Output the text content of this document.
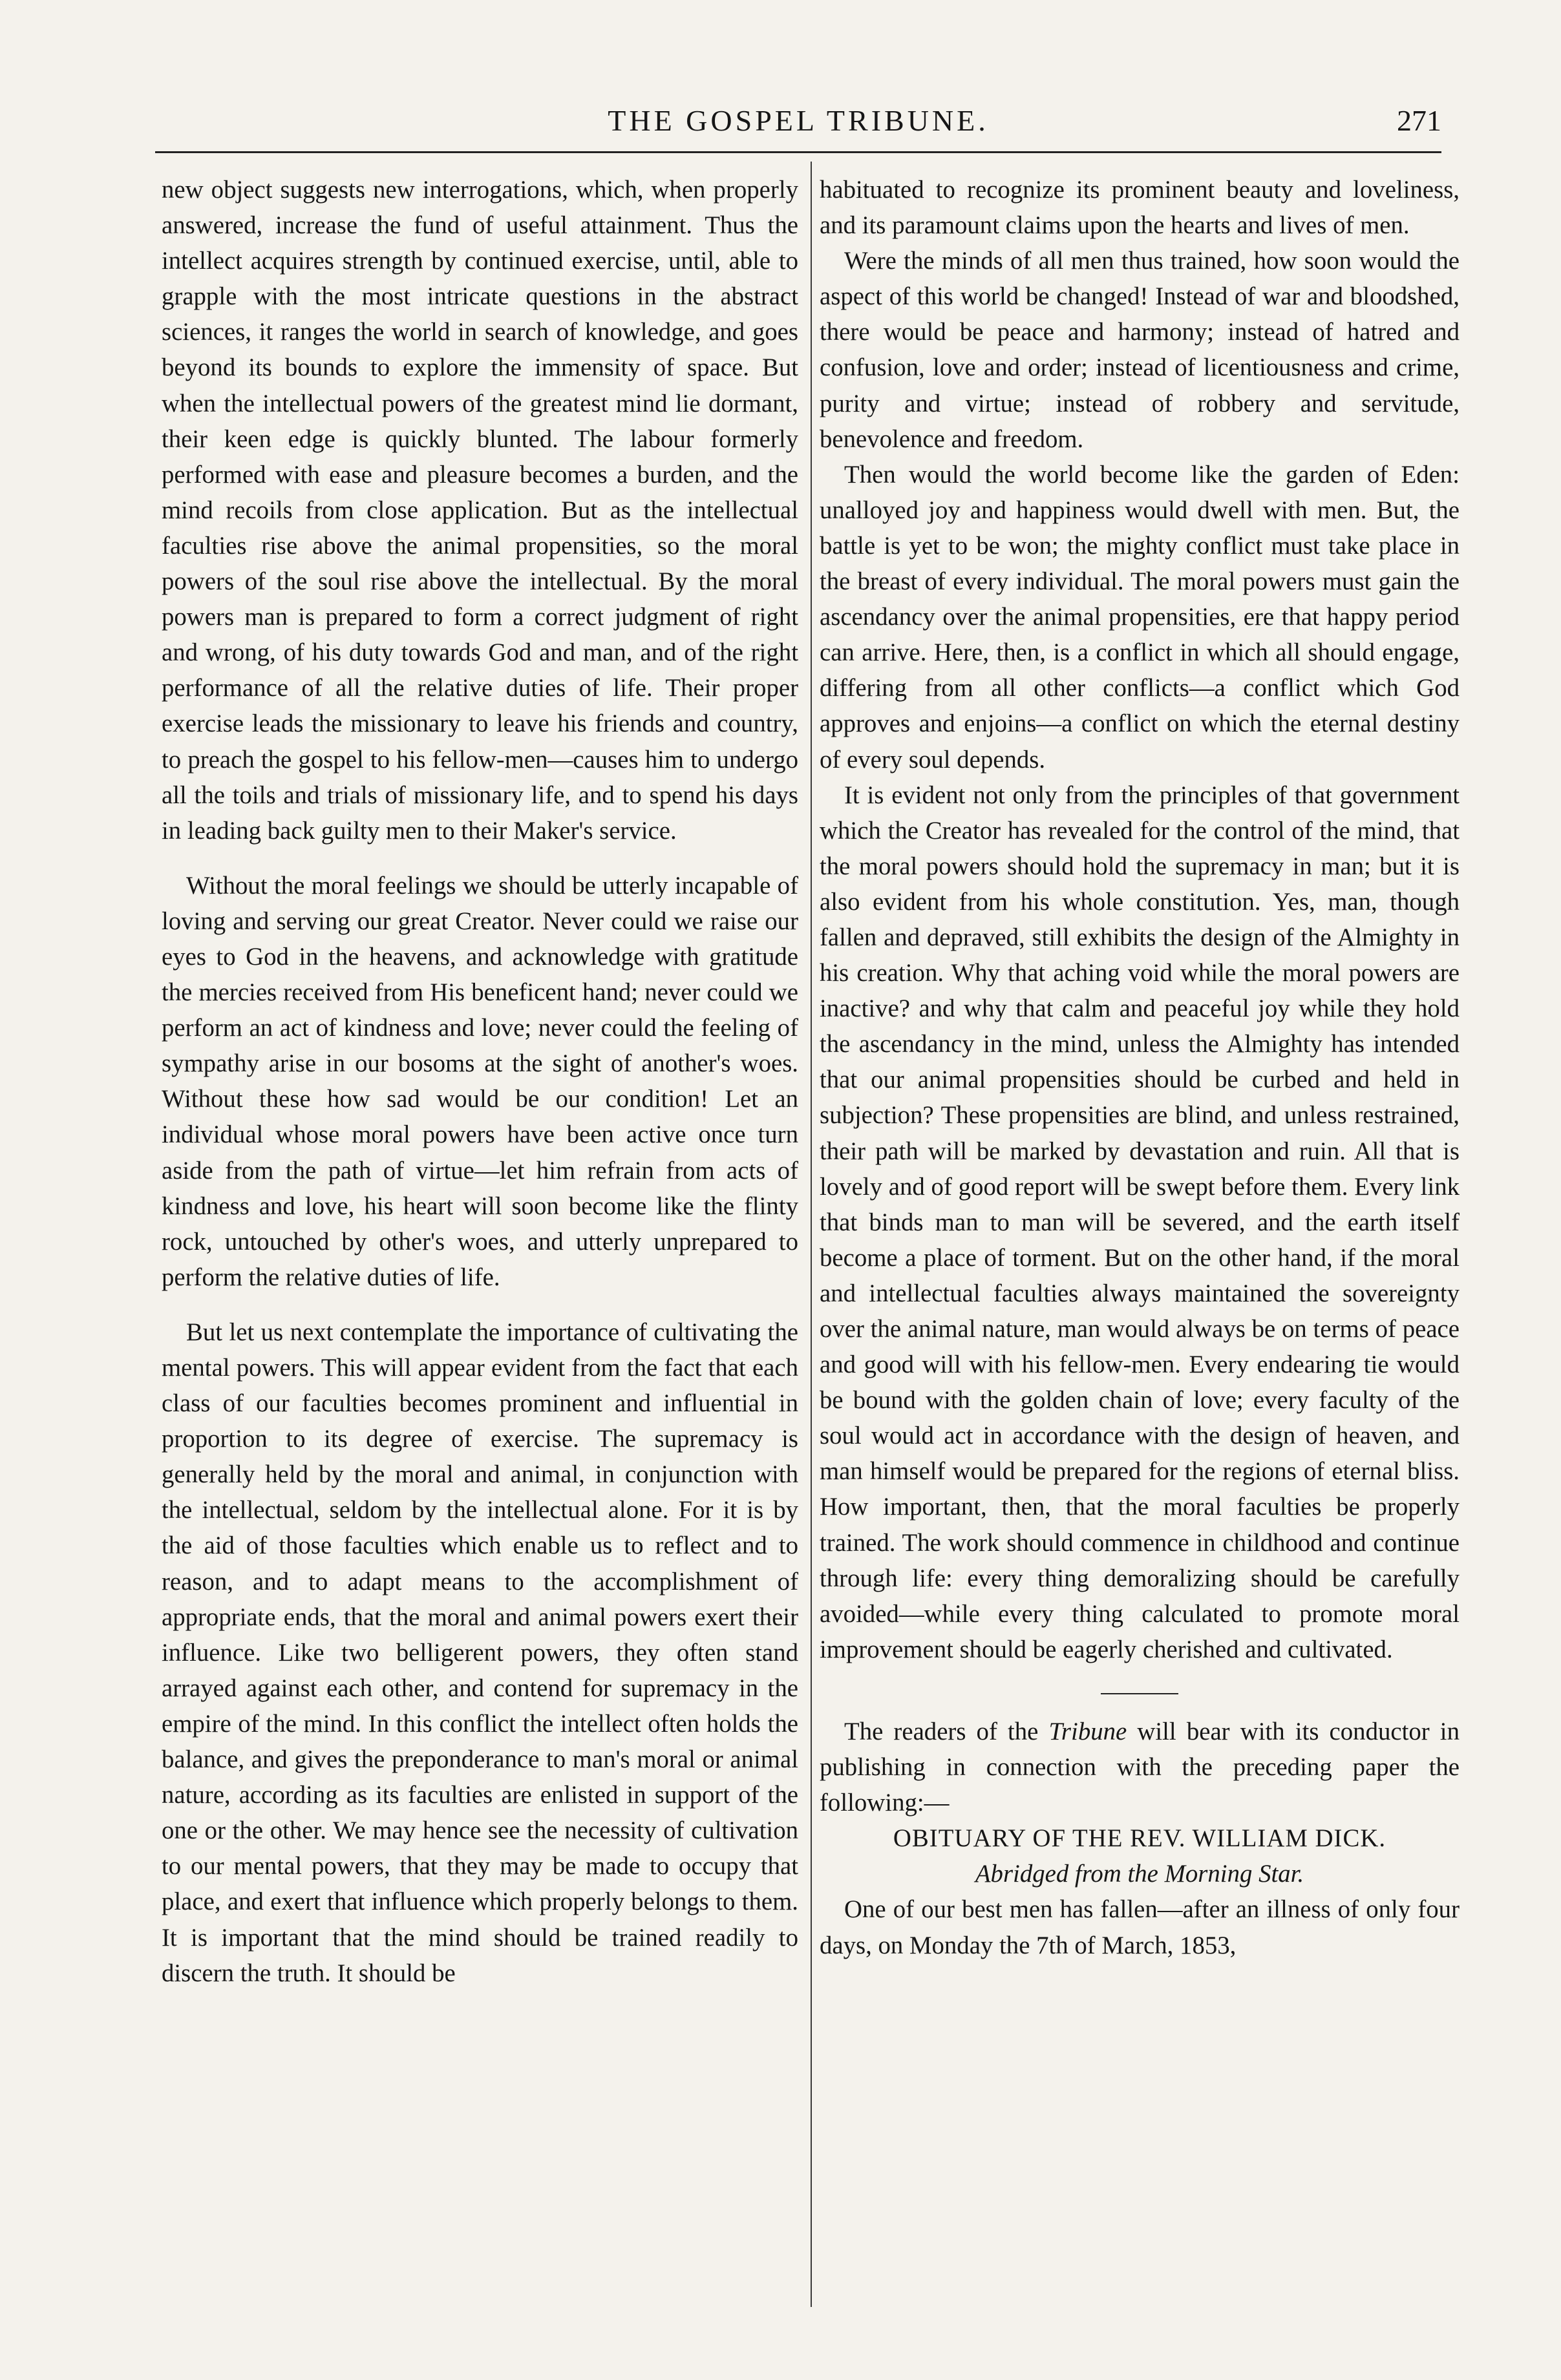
THE GOSPEL TRIBUNE.	271

new object suggests new interrogations, which, when properly answered, increase the fund of useful attainment. Thus the intellect acquires strength by continued exercise, until, able to grapple with the most intricate questions in the abstract sciences, it ranges the world in search of knowledge, and goes beyond its bounds to explore the immensity of space. But when the intellectual powers of the greatest mind lie dormant, their keen edge is quickly blunted. The labour formerly performed with ease and pleasure becomes a burden, and the mind recoils from close application. But as the intellectual faculties rise above the animal propensities, so the moral powers of the soul rise above the intellectual. By the moral powers man is prepared to form a correct judgment of right and wrong, of his duty towards God and man, and of the right performance of all the relative duties of life. Their proper exercise leads the missionary to leave his friends and country, to preach the gospel to his fellow-men—causes him to undergo all the toils and trials of missionary life, and to spend his days in leading back guilty men to their Maker's service.

Without the moral feelings we should be utterly incapable of loving and serving our great Creator. Never could we raise our eyes to God in the heavens, and acknowledge with gratitude the mercies received from His beneficent hand; never could we perform an act of kindness and love; never could the feeling of sympathy arise in our bosoms at the sight of another's woes. Without these how sad would be our condition! Let an individual whose moral powers have been active once turn aside from the path of virtue—let him refrain from acts of kindness and love, his heart will soon become like the flinty rock, untouched by other's woes, and utterly unprepared to perform the relative duties of life.

But let us next contemplate the importance of cultivating the mental powers. This will appear evident from the fact that each class of our faculties becomes prominent and influential in proportion to its degree of exercise. The supremacy is generally held by the moral and animal, in conjunction with the intellectual, seldom by the intellectual alone. For it is by the aid of those faculties which enable us to reflect and to reason, and to adapt means to the accomplishment of appropriate ends, that the moral and animal powers exert their influence. Like two belligerent powers, they often stand arrayed against each other, and contend for supremacy in the empire of the mind. In this conflict the intellect often holds the balance, and gives the preponderance to man's moral or animal nature, according as its faculties are enlisted in support of the one or the other. We may hence see the necessity of cultivation to our mental powers, that they may be made to occupy that place, and exert that influence which properly belongs to them. It is important that the mind should be trained readily to discern the truth. It should be

habituated to recognize its prominent beauty and loveliness, and its paramount claims upon the hearts and lives of men.

Were the minds of all men thus trained, how soon would the aspect of this world be changed! Instead of war and bloodshed, there would be peace and harmony; instead of hatred and confusion, love and order; instead of licentiousness and crime, purity and virtue; instead of robbery and servitude, benevolence and freedom.

Then would the world become like the garden of Eden: unalloyed joy and happiness would dwell with men. But, the battle is yet to be won; the mighty conflict must take place in the breast of every individual. The moral powers must gain the ascendancy over the animal propensities, ere that happy period can arrive. Here, then, is a conflict in which all should engage, differing from all other conflicts—a conflict which God approves and enjoins—a conflict on which the eternal destiny of every soul depends.

It is evident not only from the principles of that government which the Creator has revealed for the control of the mind, that the moral powers should hold the supremacy in man; but it is also evident from his whole constitution. Yes, man, though fallen and depraved, still exhibits the design of the Almighty in his creation. Why that aching void while the moral powers are inactive? and why that calm and peaceful joy while they hold the ascendancy in the mind, unless the Almighty has intended that our animal propensities should be curbed and held in subjection? These propensities are blind, and unless restrained, their path will be marked by devastation and ruin. All that is lovely and of good report will be swept before them. Every link that binds man to man will be severed, and the earth itself become a place of torment. But on the other hand, if the moral and intellectual faculties always maintained the sovereignty over the animal nature, man would always be on terms of peace and good will with his fellow-men. Every endearing tie would be bound with the golden chain of love; every faculty of the soul would act in accordance with the design of heaven, and man himself would be prepared for the regions of eternal bliss. How important, then, that the moral faculties be properly trained. The work should commence in childhood and continue through life: every thing demoralizing should be carefully avoided—while every thing calculated to promote moral improvement should be eagerly cherished and cultivated.

The readers of the Tribune will bear with its conductor in publishing in connection with the preceding paper the following:—

OBITUARY OF THE REV. WILLIAM DICK.

Abridged from the Morning Star.

One of our best men has fallen—after an illness of only four days, on Monday the 7th of March, 1853,
